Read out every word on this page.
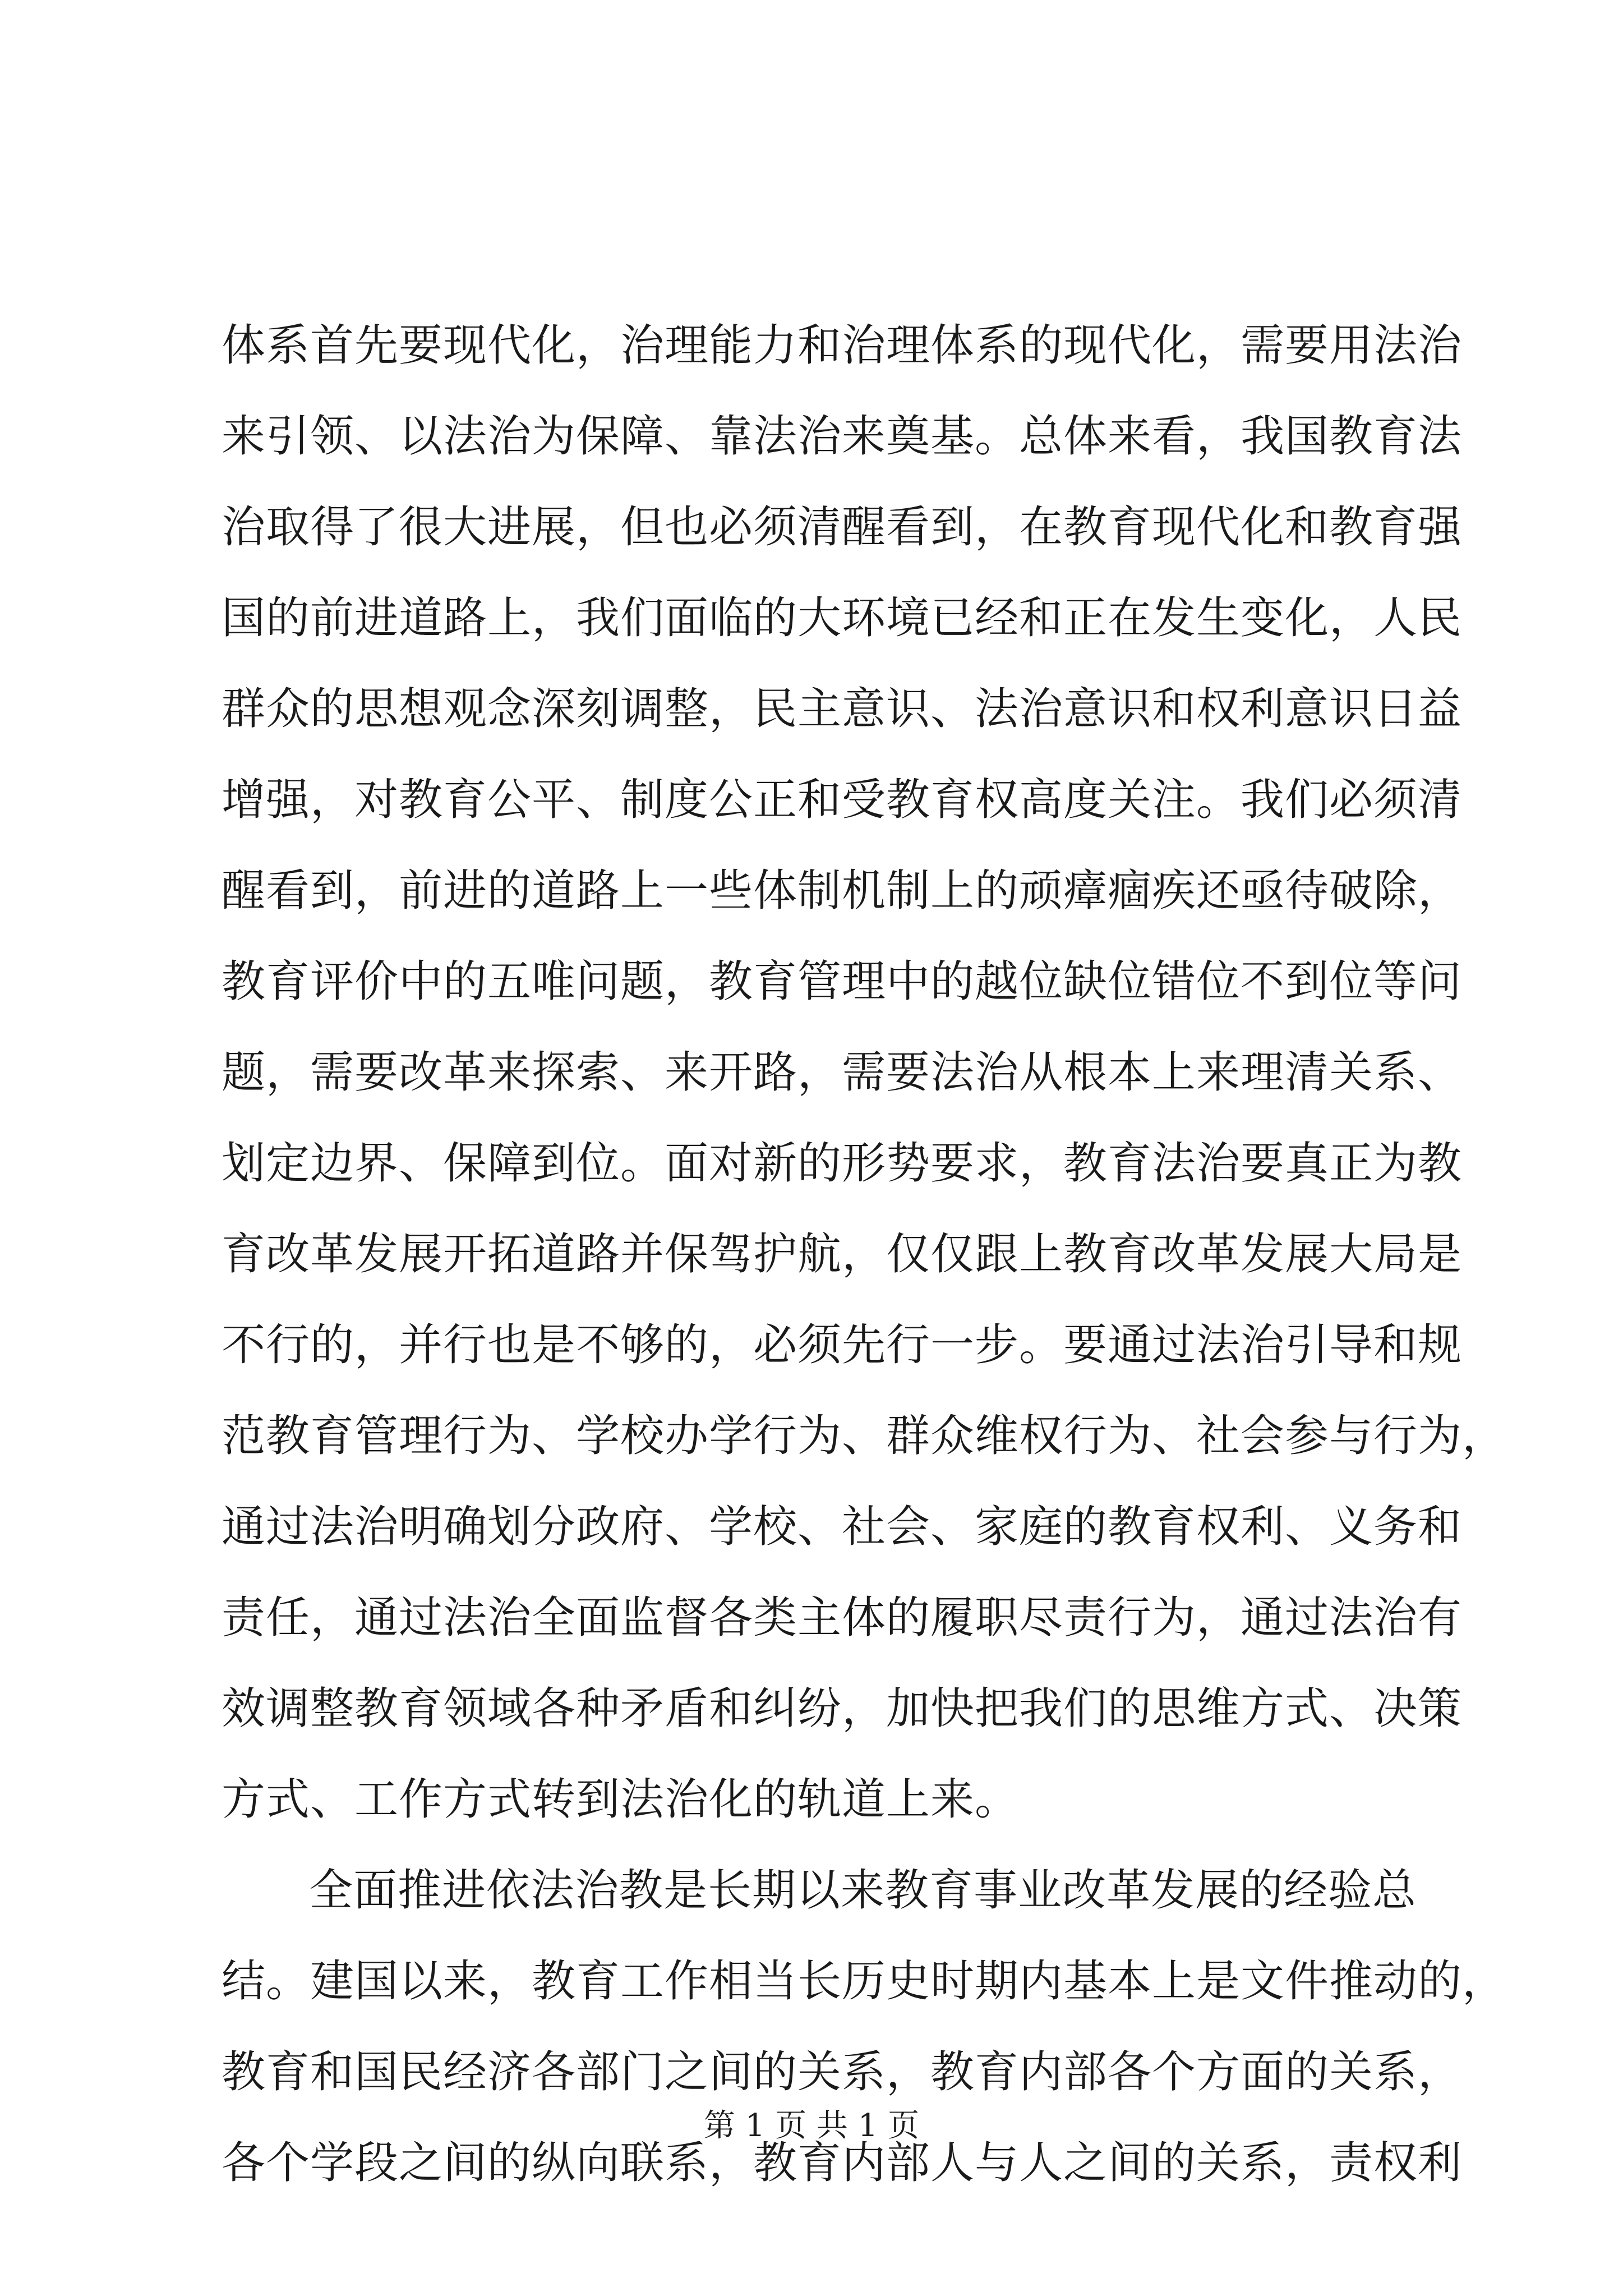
体系首先要现代化，治理能力和治理体系的现代化，需要用法治
来引领、以法治为保障、靠法治来奠基。总体来看，我国教育法
治取得了很大进展，但也必须清醒看到，在教育现代化和教育强
国的前进道路上，我们面临的大环境已经和正在发生变化，人民
群众的思想观念深刻调整，民主意识、法治意识和权利意识日益
增强，对教育公平、制度公正和受教育权高度关注。我们必须清
醒看到，前进的道路上一些体制机制上的顽瘴痼疾还亟待破除，
教育评价中的五唯问题，教育管理中的越位缺位错位不到位等问
题，需要改革来探索、来开路，需要法治从根本上来理清关系、
划定边界、保障到位。面对新的形势要求，教育法治要真正为教
育改革发展开拓道路并保驾护航，仅仅跟上教育改革发展大局是
不行的，并行也是不够的，必须先行一步。要通过法治引导和规
范教育管理行为、学校办学行为、群众维权行为、社会参与行为，
通过法治明确划分政府、学校、社会、家庭的教育权利、义务和
责任，通过法治全面监督各类主体的履职尽责行为，通过法治有
效调整教育领域各种矛盾和纠纷，加快把我们的思维方式、决策
方式、工作方式转到法治化的轨道上来。
全面推进依法治教是长期以来教育事业改革发展的经验总
结。建国以来，教育工作相当长历史时期内基本上是文件推动的，
教育和国民经济各部门之间的关系，教育内部各个方面的关系，
各个学段之间的纵向联系，教育内部人与人之间的关系，责权利
第 1 页 共 1 页
